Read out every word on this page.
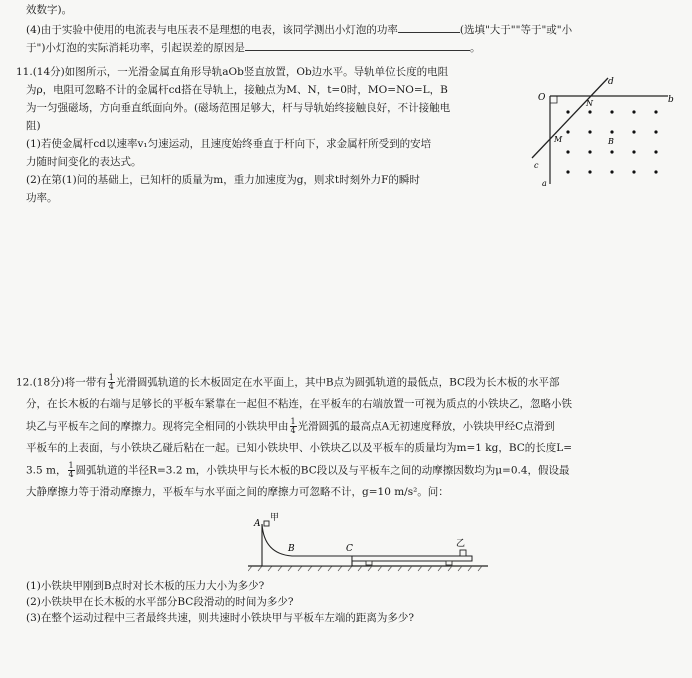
效数字)。
(4)由于实验中使用的电流表与电压表不是理想的电表，该同学测出小灯泡的功率	(选填"大于""等于"或"小
于")小灯泡的实际消耗功率，引起误差的原因是	。
11.(14分)如图所示，一光滑金属直角形导轨aOb竖直放置，Ob边水平。导轨单位长度的电阻
为ρ，电阻可忽略不计的金属杆cd搭在导轨上，接触点为M、N，t=0时，MO=NO=L，B
为一匀强磁场，方向垂直纸面向外。(磁场范围足够大，杆与导轨始终接触良好，不计接触电
阻)
(1)若使金属杆cd以速率v₁匀速运动，且速度始终垂直于杆向下，求金属杆所受到的安培
力随时间变化的表达式。
(2)在第(1)问的基础上，已知杆的质量为m，重力加速度为g，则求t时刻外力F的瞬时
功率。
O
d
b
N
M	B
c
a
12.(18分)将一带有 $\frac{1}{4}$ 光滑圆弧轨道的长木板固定在水平面上，其中B点为圆弧轨道的最低点，BC段为长木板的水平部
分，在长木板的右端与足够长的平板车紧靠在一起但不粘连，在平板车的右端放置一可视为质点的小铁块乙，忽略小铁
块乙与平板车之间的摩擦力。现将完全相同的小铁块甲由 $\frac{1}{4}$ 光滑圆弧的最高点A无初速度释放，小铁块甲经C点滑到
平板车的上表面，与小铁块乙碰后粘在一起。已知小铁块甲、小铁块乙以及平板车的质量均为m=1 kg，BC的长度L=
3.5 m， $\frac{1}{4}$ 圆弧轨道的半径R=3.2 m，小铁块甲与长木板的BC段以及与平板车之间的动摩擦因数均为μ=0.4，假设最
大静摩擦力等于滑动摩擦力，平板车与水平面之间的摩擦力可忽略不计，g=10 m/s²。问：
A
甲
B	C	乙
(1)小铁块甲刚到B点时对长木板的压力大小为多少?
(2)小铁块甲在长木板的水平部分BC段滑动的时间为多少?
(3)在整个运动过程中三者最终共速，则共速时小铁块甲与平板车左端的距离为多少?
